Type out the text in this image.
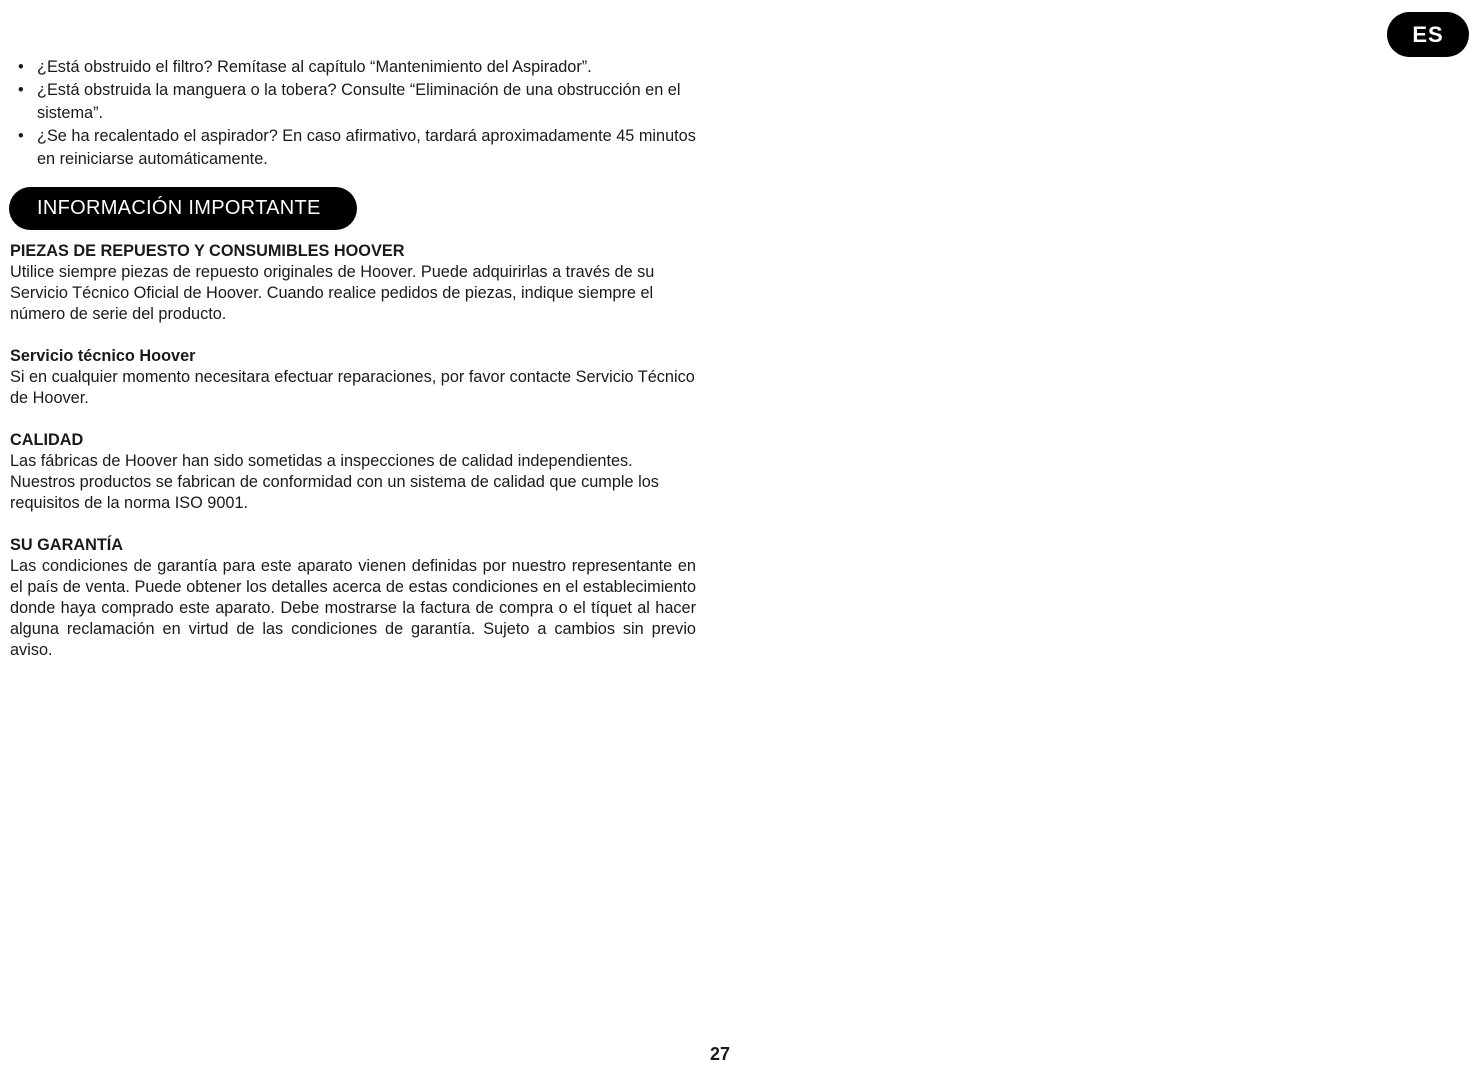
ES
• ¿Está obstruido el filtro? Remítase al capítulo “Mantenimiento del Aspirador”.
• ¿Está obstruida la manguera o la tobera? Consulte “Eliminación de una obstrucción en el sistema”.
• ¿Se ha recalentado el aspirador? En caso afirmativo, tardará aproximadamente 45 minutos en reiniciarse automáticamente.
INFORMACIÓN IMPORTANTE
PIEZAS DE REPUESTO Y CONSUMIBLES HOOVER

Utilice siempre piezas de repuesto originales de Hoover. Puede adquirirlas a través de su Servicio Técnico Oficial de Hoover. Cuando realice pedidos de piezas, indique siempre el número de serie del producto.

Servicio técnico Hoover

Si en cualquier momento necesitara efectuar reparaciones, por favor contacte Servicio Técnico de Hoover.

CALIDAD

Las fábricas de Hoover han sido sometidas a inspecciones de calidad independientes. Nuestros productos se fabrican de conformidad con un sistema de calidad que cumple los requisitos de la norma ISO 9001.

SU GARANTÍA

Las condiciones de garantía para este aparato vienen definidas por nuestro representante en el país de venta. Puede obtener los detalles acerca de estas condiciones en el establecimiento donde haya comprado este aparato. Debe mostrarse la factura de compra o el tíquet al hacer alguna reclamación en virtud de las condiciones de garantía. Sujeto a cambios sin previo aviso.

27
